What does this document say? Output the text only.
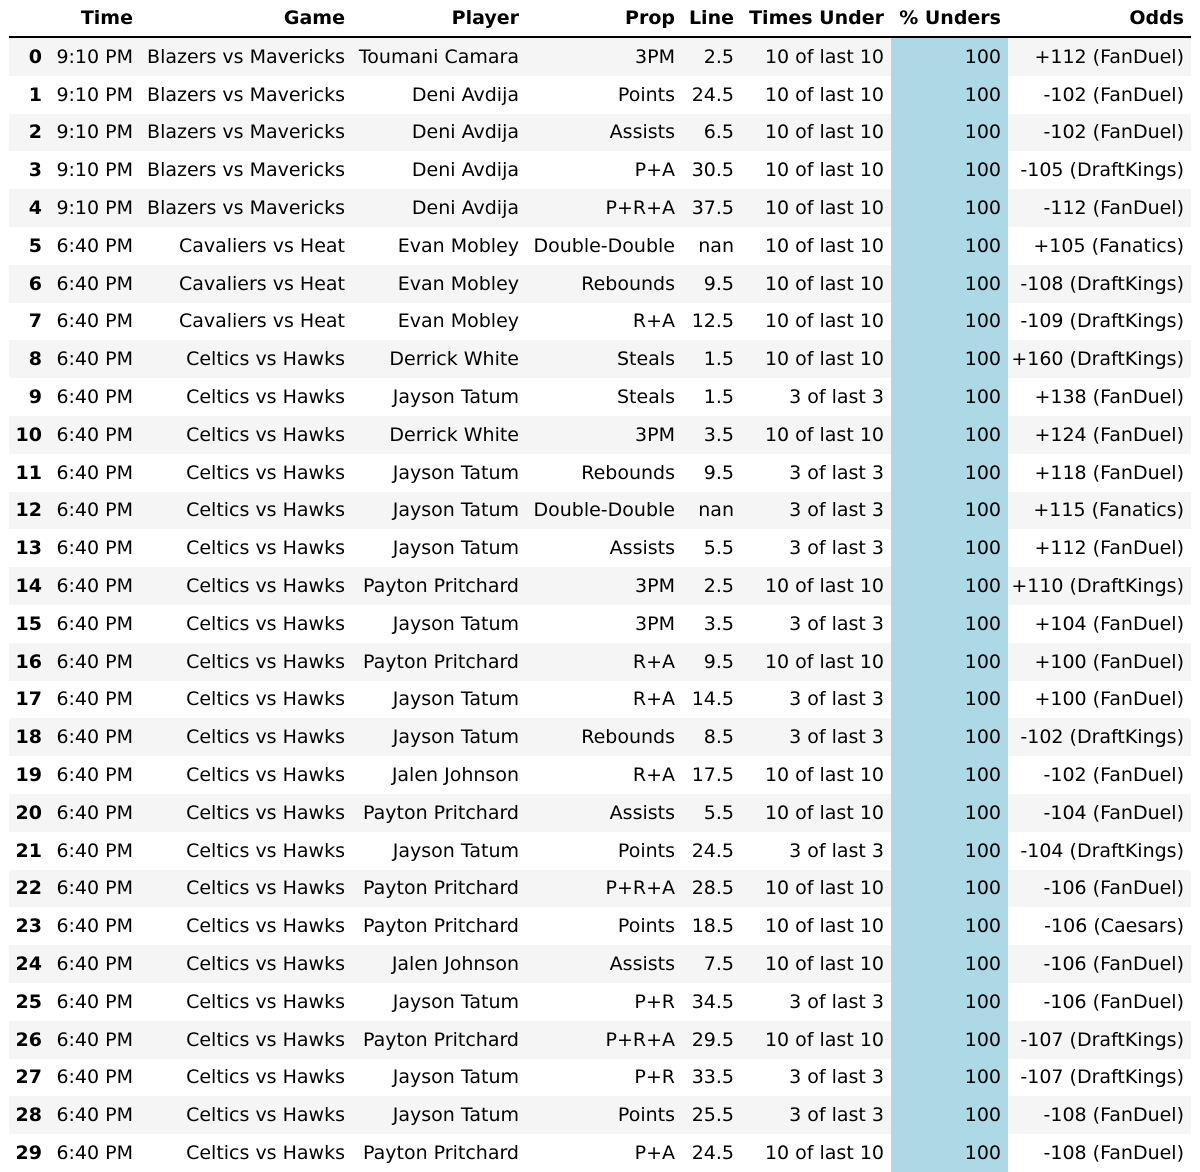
	Time	Game	Player	Prop	Line	Times Under	% Unders	Odds
0	9:10 PM	Blazers vs Mavericks	Toumani Camara	3PM	2.5	10 of last 10	100	+112 (FanDuel)
1	9:10 PM	Blazers vs Mavericks	Deni Avdija	Points	24.5	10 of last 10	100	-102 (FanDuel)
2	9:10 PM	Blazers vs Mavericks	Deni Avdija	Assists	6.5	10 of last 10	100	-102 (FanDuel)
3	9:10 PM	Blazers vs Mavericks	Deni Avdija	P+A	30.5	10 of last 10	100	-105 (DraftKings)
4	9:10 PM	Blazers vs Mavericks	Deni Avdija	P+R+A	37.5	10 of last 10	100	-112 (FanDuel)
5	6:40 PM	Cavaliers vs Heat	Evan Mobley	Double-Double	nan	10 of last 10	100	+105 (Fanatics)
6	6:40 PM	Cavaliers vs Heat	Evan Mobley	Rebounds	9.5	10 of last 10	100	-108 (DraftKings)
7	6:40 PM	Cavaliers vs Heat	Evan Mobley	R+A	12.5	10 of last 10	100	-109 (DraftKings)
8	6:40 PM	Celtics vs Hawks	Derrick White	Steals	1.5	10 of last 10	100	+160 (DraftKings)
9	6:40 PM	Celtics vs Hawks	Jayson Tatum	Steals	1.5	3 of last 3	100	+138 (FanDuel)
10	6:40 PM	Celtics vs Hawks	Derrick White	3PM	3.5	10 of last 10	100	+124 (FanDuel)
11	6:40 PM	Celtics vs Hawks	Jayson Tatum	Rebounds	9.5	3 of last 3	100	+118 (FanDuel)
12	6:40 PM	Celtics vs Hawks	Jayson Tatum	Double-Double	nan	3 of last 3	100	+115 (Fanatics)
13	6:40 PM	Celtics vs Hawks	Jayson Tatum	Assists	5.5	3 of last 3	100	+112 (FanDuel)
14	6:40 PM	Celtics vs Hawks	Payton Pritchard	3PM	2.5	10 of last 10	100	+110 (DraftKings)
15	6:40 PM	Celtics vs Hawks	Jayson Tatum	3PM	3.5	3 of last 3	100	+104 (FanDuel)
16	6:40 PM	Celtics vs Hawks	Payton Pritchard	R+A	9.5	10 of last 10	100	+100 (FanDuel)
17	6:40 PM	Celtics vs Hawks	Jayson Tatum	R+A	14.5	3 of last 3	100	+100 (FanDuel)
18	6:40 PM	Celtics vs Hawks	Jayson Tatum	Rebounds	8.5	3 of last 3	100	-102 (DraftKings)
19	6:40 PM	Celtics vs Hawks	Jalen Johnson	R+A	17.5	10 of last 10	100	-102 (FanDuel)
20	6:40 PM	Celtics vs Hawks	Payton Pritchard	Assists	5.5	10 of last 10	100	-104 (FanDuel)
21	6:40 PM	Celtics vs Hawks	Jayson Tatum	Points	24.5	3 of last 3	100	-104 (DraftKings)
22	6:40 PM	Celtics vs Hawks	Payton Pritchard	P+R+A	28.5	10 of last 10	100	-106 (FanDuel)
23	6:40 PM	Celtics vs Hawks	Payton Pritchard	Points	18.5	10 of last 10	100	-106 (Caesars)
24	6:40 PM	Celtics vs Hawks	Jalen Johnson	Assists	7.5	10 of last 10	100	-106 (FanDuel)
25	6:40 PM	Celtics vs Hawks	Jayson Tatum	P+R	34.5	3 of last 3	100	-106 (FanDuel)
26	6:40 PM	Celtics vs Hawks	Payton Pritchard	P+R+A	29.5	10 of last 10	100	-107 (DraftKings)
27	6:40 PM	Celtics vs Hawks	Jayson Tatum	P+R	33.5	3 of last 3	100	-107 (DraftKings)
28	6:40 PM	Celtics vs Hawks	Jayson Tatum	Points	25.5	3 of last 3	100	-108 (FanDuel)
29	6:40 PM	Celtics vs Hawks	Payton Pritchard	P+A	24.5	10 of last 10	100	-108 (FanDuel)
